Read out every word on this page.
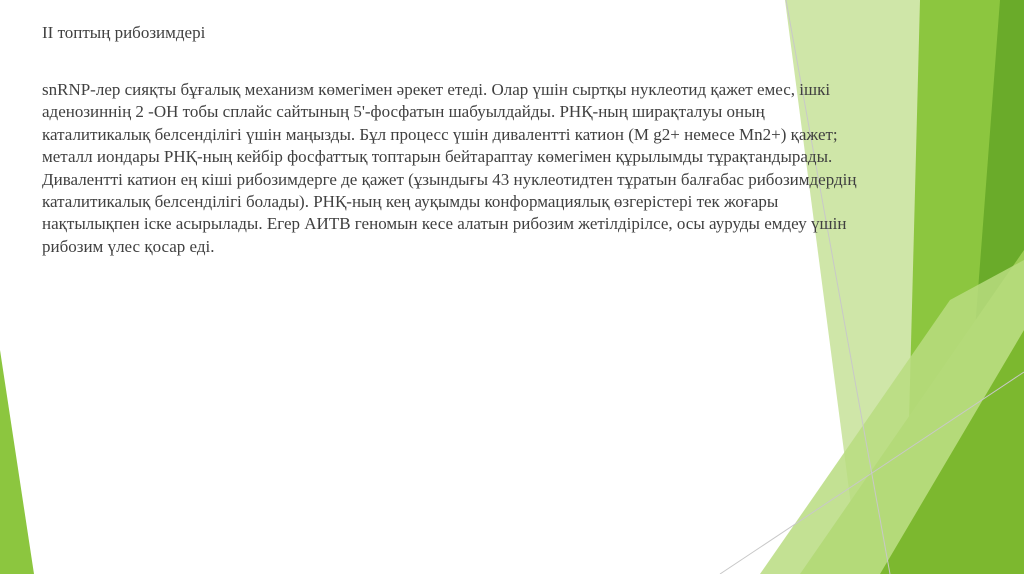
II топтың рибозимдері
snRNP-лер сияқты бұғалық механизм көмегімен әрекет етеді. Олар үшін сыртқы нуклеотид қажет емес, ішкі
аденозиннің 2 -OH тобы сплайс сайтының 5'-фосфатын шабуылдайды. РНҚ-ның ширақталуы оның
каталитикалық белсенділігі үшін маңызды. Бұл процесс үшін дивалентті катион (M g2+ немесе Mn2+) қажет;
металл иондары РНҚ-ның кейбір фосфаттық топтарын бейтараптау көмегімен құрылымды тұрақтандырады.
Дивалентті катион ең кіші рибозимдерге де қажет (ұзындығы 43 нуклеотидтен тұратын балғабас рибозимдердің
каталитикалық белсенділігі болады). РНҚ-ның кең ауқымды конформациялық өзгерістері тек жоғары
нақтылықпен іске асырылады. Егер АИТВ геномын кесе алатын рибозим жетілдірілсе, осы ауруды емдеу үшін
рибозим үлес қосар еді.
